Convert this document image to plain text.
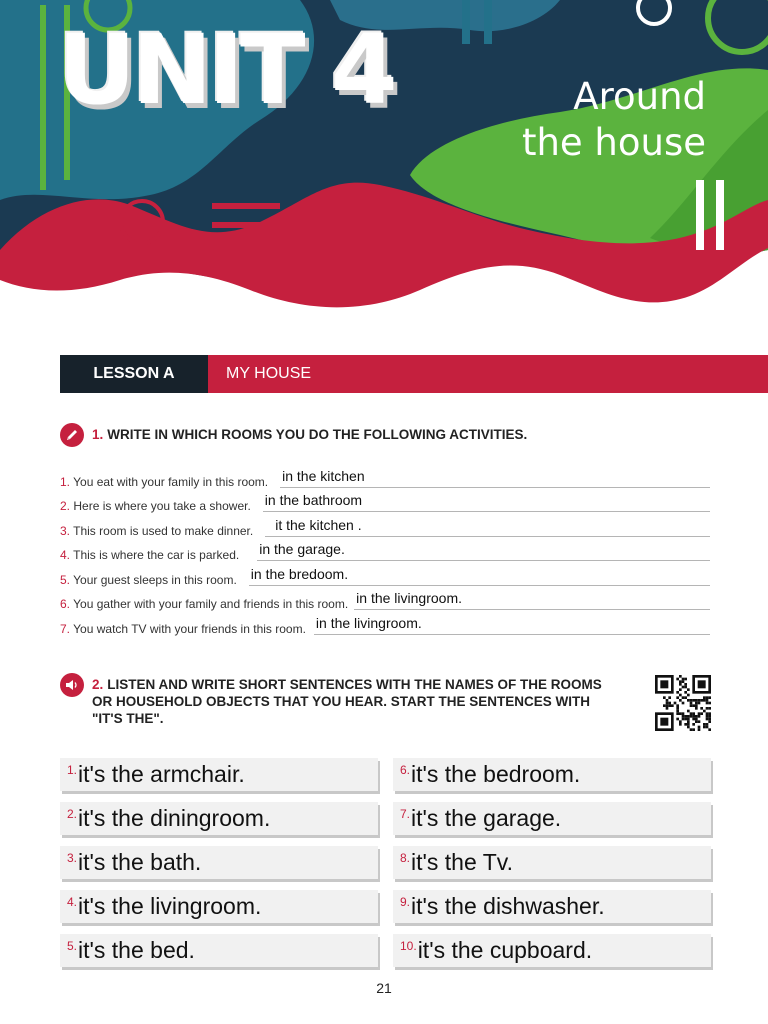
UNIT 4	Around
the house
LESSON A	MY HOUSE
1. WRITE IN WHICH ROOMS YOU DO THE FOLLOWING ACTIVITIES.
1. You eat with your family in this room. in the kitchen
2. Here is where you take a shower. in the bathroom
3. This room is used to make dinner.	it the kitchen .
4. This is where the car is parked. in the garage.
5. Your guest sleeps in this room. in the bredoom.
6. You gather with your family and friends in this room. in the livingroom.
7. You watch TV with your friends in this room. in the livingroom.
2. LISTEN AND WRITE SHORT SENTENCES WITH THE NAMES OF THE ROOMS
OR HOUSEHOLD OBJECTS THAT YOU HEAR. START THE SENTENCES WITH
"IT'S THE".
1. it's the armchair.
2. it's the diningroom.
3. it's the bath.
4. it's the livingroom.
5. it's the bed.
6. it's the bedroom.
7. it's the garage.
8. it's the Tv.
9. it's the dishwasher.
10. it's the cupboard.
21
